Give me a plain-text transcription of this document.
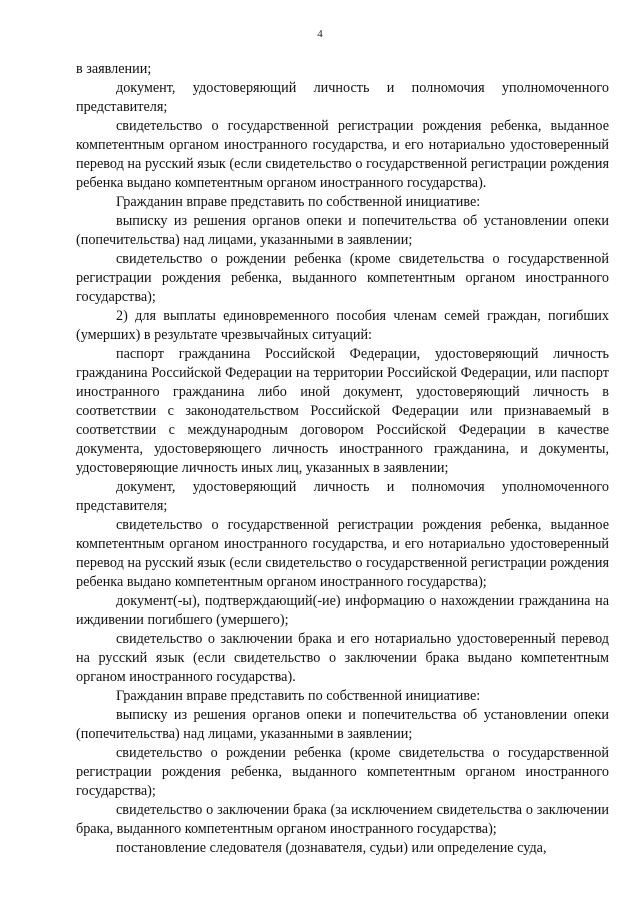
4

в заявлении;

документ, удостоверяющий личность и полномочия уполномоченного представителя;

свидетельство о государственной регистрации рождения ребенка, выданное компетентным органом иностранного государства, и его нотариально удостоверенный перевод на русский язык (если свидетельство о государственной регистрации рождения ребенка выдано компетентным органом иностранного государства).

Гражданин вправе представить по собственной инициативе:

выписку из решения органов опеки и попечительства об установлении опеки (попечительства) над лицами, указанными в заявлении;

свидетельство о рождении ребенка (кроме свидетельства о государственной регистрации рождения ребенка, выданного компетентным органом иностранного государства);

2) для выплаты единовременного пособия членам семей граждан, погибших (умерших) в результате чрезвычайных ситуаций:

паспорт гражданина Российской Федерации, удостоверяющий личность гражданина Российской Федерации на территории Российской Федерации, или паспорт иностранного гражданина либо иной документ, удостоверяющий личность в соответствии с законодательством Российской Федерации или признаваемый в соответствии с международным договором Российской Федерации в качестве документа, удостоверяющего личность иностранного гражданина, и документы, удостоверяющие личность иных лиц, указанных в заявлении;

документ, удостоверяющий личность и полномочия уполномоченного представителя;

свидетельство о государственной регистрации рождения ребенка, выданное компетентным органом иностранного государства, и его нотариально удостоверенный перевод на русский язык (если свидетельство о государственной регистрации рождения ребенка выдано компетентным органом иностранного государства);

документ(-ы), подтверждающий(-ие) информацию о нахождении гражданина на иждивении погибшего (умершего);

свидетельство о заключении брака и его нотариально удостоверенный перевод на русский язык (если свидетельство о заключении брака выдано компетентным органом иностранного государства).

Гражданин вправе представить по собственной инициативе:

выписку из решения органов опеки и попечительства об установлении опеки (попечительства) над лицами, указанными в заявлении;

свидетельство о рождении ребенка (кроме свидетельства о государственной регистрации рождения ребенка, выданного компетентным органом иностранного государства);

свидетельство о заключении брака (за исключением свидетельства о заключении брака, выданного компетентным органом иностранного государства);

постановление следователя (дознавателя, судьи) или определение суда,
